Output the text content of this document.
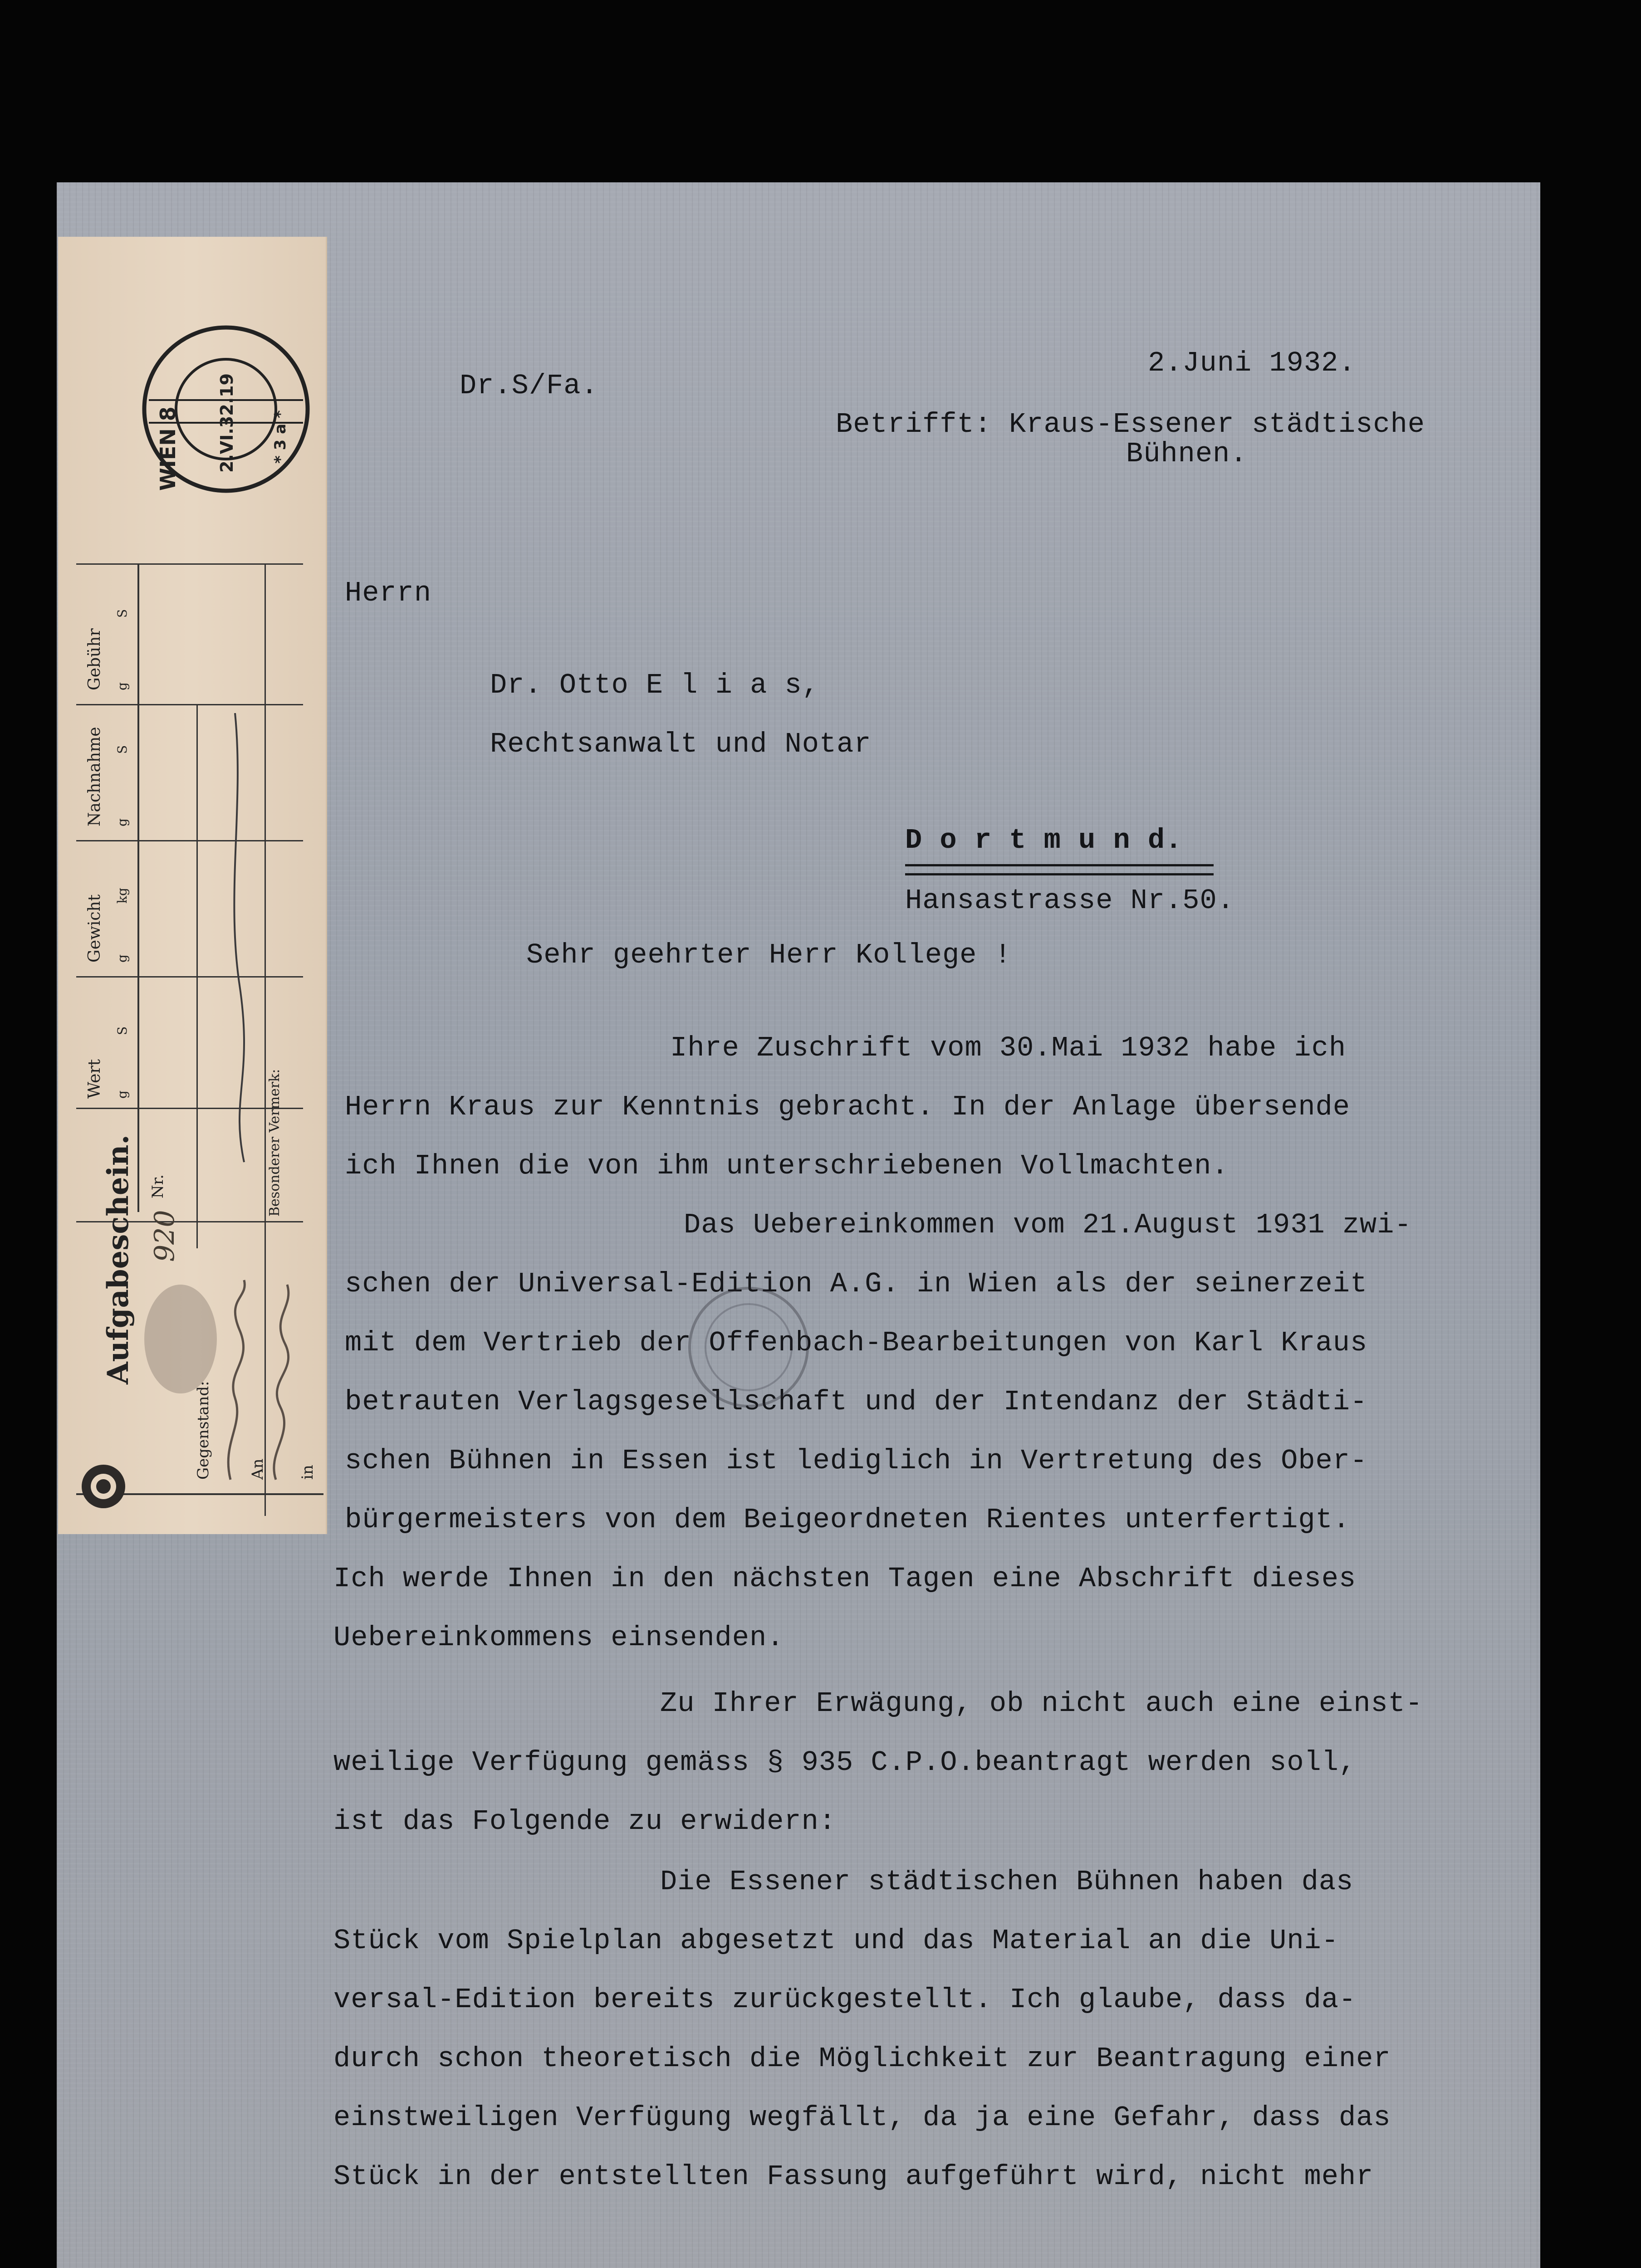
Dr.S/Fa.
2.Juni 1932.
Betrifft: Kraus-Essener städtische
Bühnen.
Herrn
Dr. Otto E l i a s,
Rechtsanwalt und Notar
D o r t m u n d.
Hansastrasse Nr.50.
Sehr geehrter Herr Kollege !
Ihre Zuschrift vom 30.Mai 1932 habe ich
Herrn Kraus zur Kenntnis gebracht. In der Anlage übersende
ich Ihnen die von ihm unterschriebenen Vollmachten.
Das Uebereinkommen vom 21.August 1931 zwi-
schen der Universal-Edition A.G. in Wien als der seinerzeit
mit dem Vertrieb der Offenbach-Bearbeitungen von Karl Kraus
betrauten Verlagsgesellschaft und der Intendanz der Städti-
schen Bühnen in Essen ist lediglich in Vertretung des Ober-
bürgermeisters von dem Beigeordneten Rientes unterfertigt.
Ich werde Ihnen in den nächsten Tagen eine Abschrift dieses
Uebereinkommens einsenden.
Zu Ihrer Erwägung, ob nicht auch eine einst-
weilige Verfügung gemäss § 935 C.P.O.beantragt werden soll,
ist das Folgende zu erwidern:
Die Essener städtischen Bühnen haben das
Stück vom Spielplan abgesetzt und das Material an die Uni-
versal-Edition bereits zurückgestellt. Ich glaube, dass da-
durch schon theoretisch die Möglichkeit zur Beantragung einer
einstweiligen Verfügung wegfällt, da ja eine Gefahr, dass das
Stück in der entstellten Fassung aufgeführt wird, nicht mehr
Gebühr
Nachnahme
Gewicht
Wert
S
g
S
g
kg
g
S
g	Besonderer Vermerk:
Aufgabeschein. Nr.
920
Gegenstand: An in
WIEN 8 2.VI.32.19 * 3 a *
